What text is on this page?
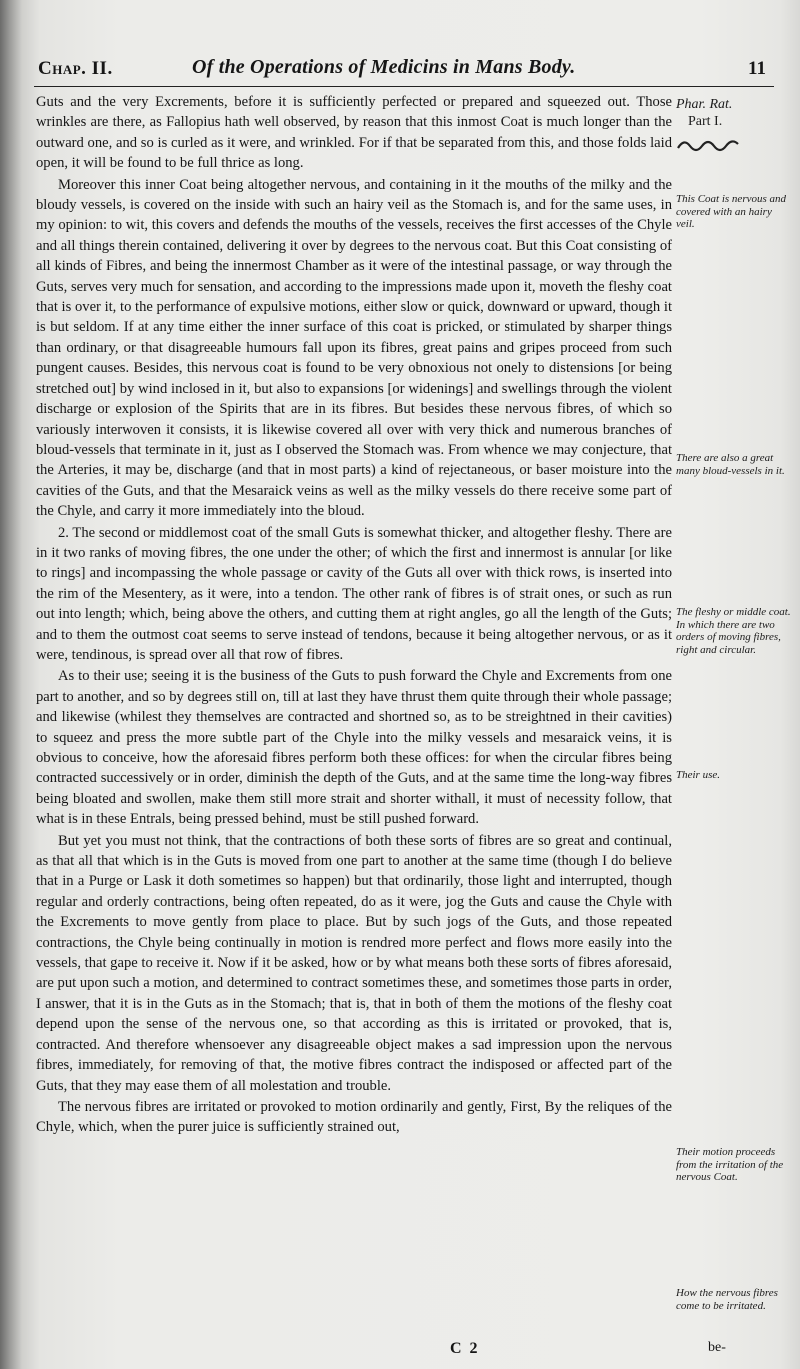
Chap. II.	Of the Operations of Medicins in Mans Body.	11

Guts and the very Excrements, before it is sufficiently perfected or prepared and squeezed out. Those wrinkles are there, as Fallopius hath well observed, by reason that this inmost Coat is much longer than the outward one, and so is curled as it were, and wrinkled. For if that be separated from this, and those folds laid open, it will be found to be full thrice as long.

Moreover this inner Coat being altogether nervous, and containing in it the mouths of the milky and the bloudy vessels, is covered on the inside with such an hairy veil as the Stomach is, and for the same uses, in my opinion: to wit, this covers and defends the mouths of the vessels, receives the first accesses of the Chyle and all things therein contained, delivering it over by degrees to the nervous coat. But this Coat consisting of all kinds of Fibres, and being the innermost Chamber as it were of the intestinal passage, or way through the Guts, serves very much for sensation, and according to the impressions made upon it, moveth the fleshy coat that is over it, to the performance of expulsive motions, either slow or quick, downward or upward, though it is but seldom. If at any time either the inner surface of this coat is pricked, or stimulated by sharper things than ordinary, or that disagreeable humours fall upon its fibres, great pains and gripes proceed from such pungent causes. Besides, this nervous coat is found to be very obnoxious not onely to distensions [or being stretched out] by wind inclosed in it, but also to expansions [or widenings] and swellings through the violent discharge or explosion of the Spirits that are in its fibres. But besides these nervous fibres, of which so variously interwoven it consists, it is likewise covered all over with very thick and numerous branches of bloud-vessels that terminate in it, just as I observed the Stomach was. From whence we may conjecture, that the Arteries, it may be, discharge (and that in most parts) a kind of rejectaneous, or baser moisture into the cavities of the Guts, and that the Mesaraick veins as well as the milky vessels do there receive some part of the Chyle, and carry it more immediately into the bloud.

2. The second or middlemost coat of the small Guts is somewhat thicker, and altogether fleshy. There are in it two ranks of moving fibres, the one under the other; of which the first and innermost is annular [or like to rings] and incompassing the whole passage or cavity of the Guts all over with thick rows, is inserted into the rim of the Mesentery, as it were, into a tendon. The other rank of fibres is of strait ones, or such as run out into length; which, being above the others, and cutting them at right angles, go all the length of the Guts; and to them the outmost coat seems to serve instead of tendons, because it being altogether nervous, or as it were, tendinous, is spread over all that row of fibres.

As to their use; seeing it is the business of the Guts to push forward the Chyle and Excrements from one part to another, and so by degrees still on, till at last they have thrust them quite through their whole passage; and likewise (whilest they themselves are contracted and shortned so, as to be streightned in their cavities) to squeez and press the more subtle part of the Chyle into the milky vessels and mesaraick veins, it is obvious to conceive, how the aforesaid fibres perform both these offices: for when the circular fibres being contracted successively or in order, diminish the depth of the Guts, and at the same time the long-way fibres being bloated and swollen, make them still more strait and shorter withall, it must of necessity follow, that what is in these Entrals, being pressed behind, must be still pushed forward.

But yet you must not think, that the contractions of both these sorts of fibres are so great and continual, as that all that which is in the Guts is moved from one part to another at the same time (though I do believe that in a Purge or Lask it doth sometimes so happen) but that ordinarily, those light and interrupted, though regular and orderly contractions, being often repeated, do as it were, jog the Guts and cause the Chyle with the Excrements to move gently from place to place. But by such jogs of the Guts, and those repeated contractions, the Chyle being continually in motion is rendred more perfect and flows more easily into the vessels, that gape to receive it. Now if it be asked, how or by what means both these sorts of fibres aforesaid, are put upon such a motion, and determined to contract sometimes these, and sometimes those parts in order, I answer, that it is in the Guts as in the Stomach; that is, that in both of them the motions of the fleshy coat depend upon the sense of the nervous one, so that according as this is irritated or provoked, that is, contracted. And therefore whensoever any disagreeable object makes a sad impression upon the nervous fibres, immediately, for removing of that, the motive fibres contract the indisposed or affected part of the Guts, that they may ease them of all molestation and trouble.

The nervous fibres are irritated or provoked to motion ordinarily and gently, First, By the reliques of the Chyle, which, when the purer juice is sufficiently strained out,

Phar. Rat.
Part I.
This Coat is nervous and covered with an hairy veil.
There are also a great many bloud-vessels in it.
The fleshy or middle coat. In which there are two orders of moving fibres, right and circular.
Their use.
Their motion proceeds from the irritation of the nervous Coat.
How the nervous fibres come to be irritated.
C 2	be-
